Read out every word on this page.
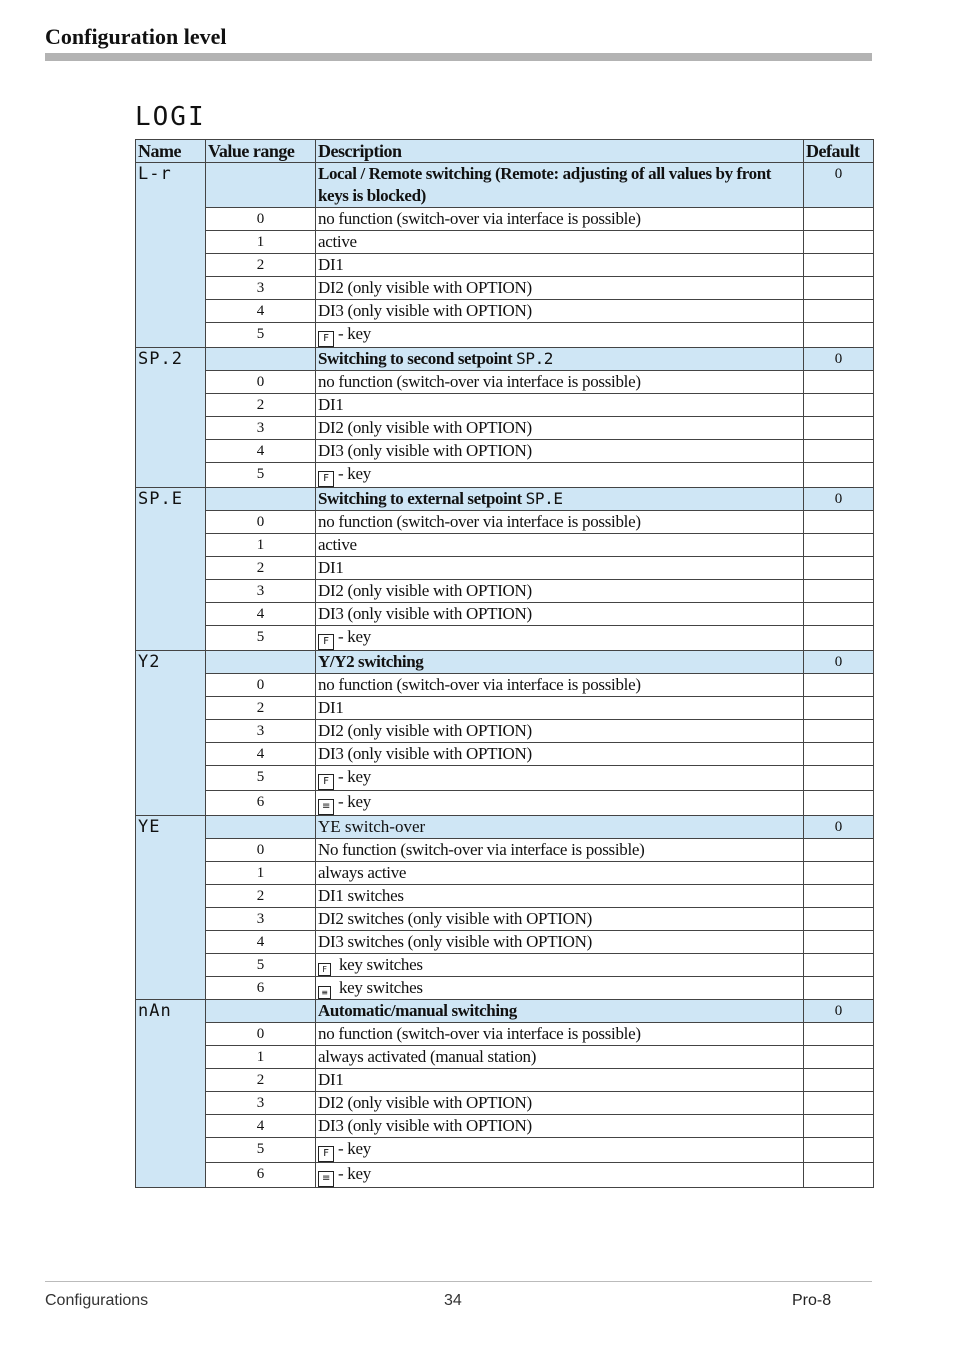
Configuration level
LOGI
Name	Value range	Description	Default
L-r		Local / Remote switching (Remote: adjusting of all values by front keys is blocked)	0
	0	no function (switch-over via interface is possible)	
	1	active	
	2	DI1	
	3	DI2 (only visible with OPTION)	
	4	DI3 (only visible with OPTION)	
	5	F - key	
SP.2		Switching to second setpoint SP.2	0
	0	no function (switch-over via interface is possible)	
	2	DI1	
	3	DI2 (only visible with OPTION)	
	4	DI3 (only visible with OPTION)	
	5	F - key	
SP.E		Switching to external setpoint SP.E	0
	0	no function (switch-over via interface is possible)	
	1	active	
	2	DI1	
	3	DI2 (only visible with OPTION)	
	4	DI3 (only visible with OPTION)	
	5	F - key	
Y2		Y/Y2 switching	0
	0	no function (switch-over via interface is possible)	
	2	DI1	
	3	DI2 (only visible with OPTION)	
	4	DI3 (only visible with OPTION)	
	5	F - key	
	6	≡ - key	
YE		YE switch-over	0
	0	No function (switch-over via interface is possible)	
	1	always active	
	2	DI1 switches	
	3	DI2 switches (only visible with OPTION)	
	4	DI3 switches (only visible with OPTION)	
	5	F key switches	
	6	≡ key switches	
nAn		Automatic/manual switching	0
	0	no function (switch-over via interface is possible)	
	1	always activated (manual station)	
	2	DI1	
	3	DI2 (only visible with OPTION)	
	4	DI3 (only visible with OPTION)	
	5	F - key	
	6	≡ - key	
Configurations	34	Pro-8
